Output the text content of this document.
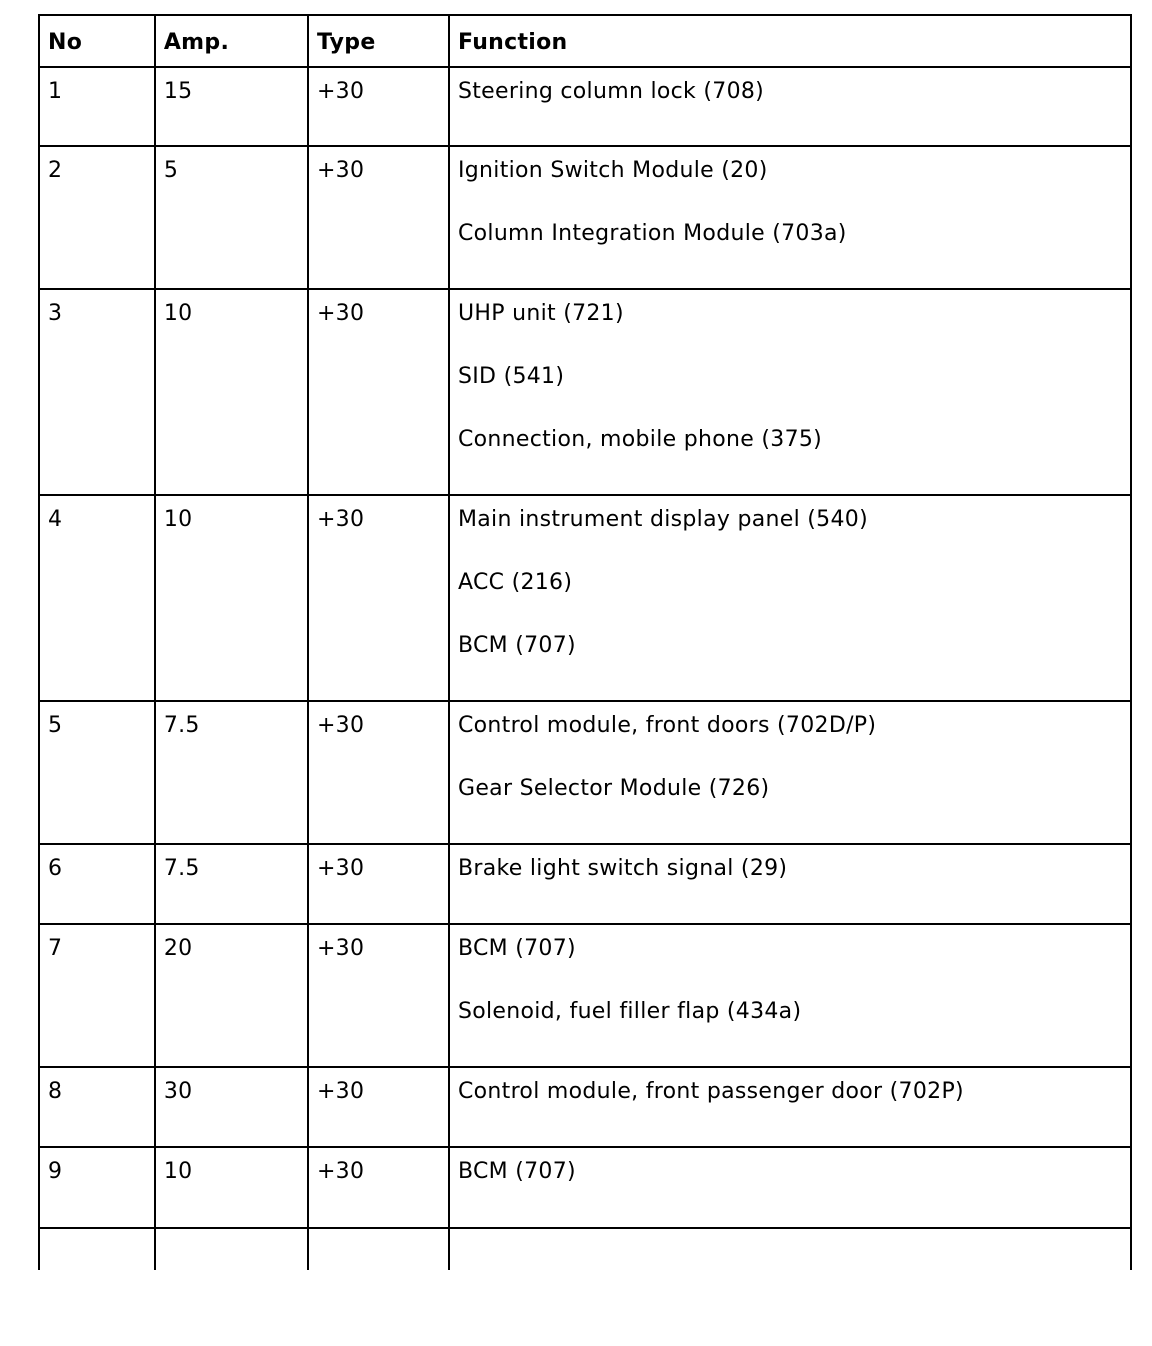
No	Amp.	Type	Function
1	15	+30	Steering column lock (708)

2	5	+30	Ignition Switch Module (20)
Column Integration Module (703a)

3	10	+30	UHP unit (721)
SID (541)
Connection, mobile phone (375)

4	10	+30	Main instrument display panel (540)
ACC (216)
BCM (707)

5	7.5	+30	Control module, front doors (702D/P)
Gear Selector Module (726)

6	7.5	+30	Brake light switch signal (29)

7	20	+30	BCM (707)
Solenoid, fuel filler flap (434a)

8	30	+30	Control module, front passenger door (702P)

9	10	+30	BCM (707)
